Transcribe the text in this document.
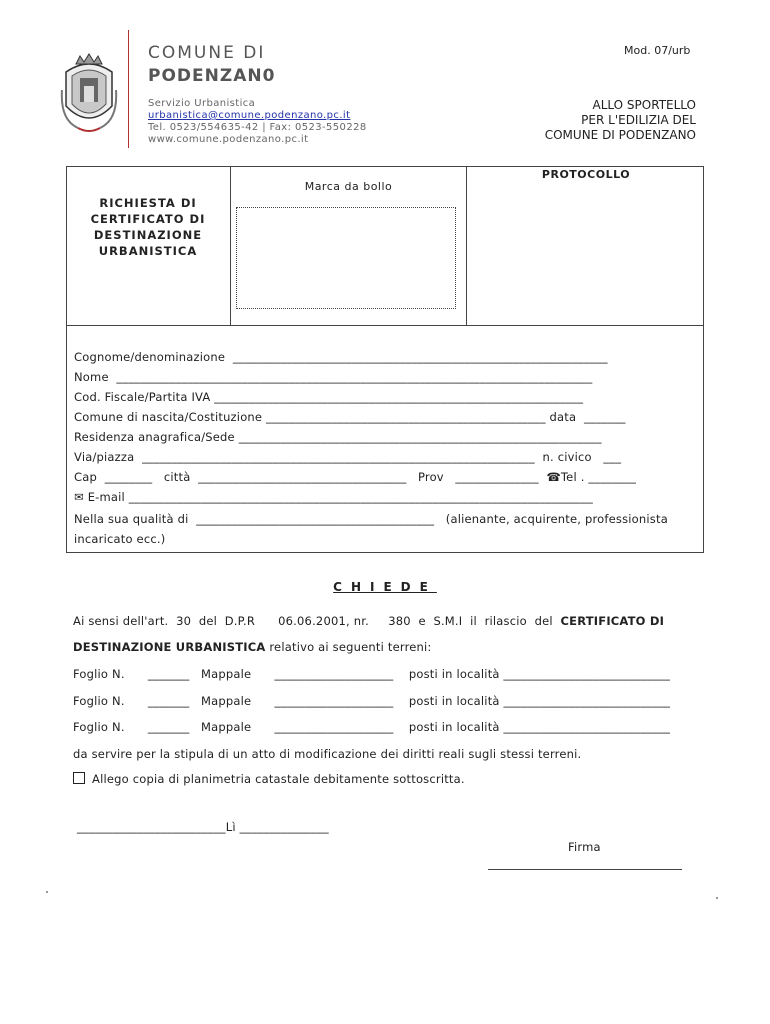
COMUNE DI
PODENZAN0
Servizio Urbanistica
urbanistica@comune.podenzano.pc.it
Tel. 0523/554635-42 | Fax: 0523-550228
www.comune.podenzano.pc.it
Mod. 07/urb
ALLO SPORTELLO
PER L'EDILIZIA DEL
COMUNE DI PODENZANO
RICHIESTA DI
CERTIFICATO DI
DESTINAZIONE
URBANISTICA
Marca da bollo
PROTOCOLLO
Cognome/denominazione  _______________________________________________________________
Nome  ________________________________________________________________________________
Cod. Fiscale/Partita IVA ______________________________________________________________
Comune di nascita/Costituzione _______________________________________________ data  _______
Residenza anagrafica/Sede _____________________________________________________________
Via/piazza  __________________________________________________________________  n. civico   ___
Cap  ________   città  ___________________________________   Prov   ______________  ☎Tel . ________
✉ E-mail ______________________________________________________________________________
Nella sua qualità di  ________________________________________   (alienante, acquirente, professionista
incaricato ecc.)
CHIEDE
Ai sensi dell'art.  30  del  D.P.R      06.06.2001, nr.     380  e  S.M.I  il  rilascio  del  CERTIFICATO DI
DESTINAZIONE URBANISTICA relativo ai seguenti terreni:
Foglio N.      _______   Mappale      ____________________    posti in località ____________________________
Foglio N.      _______   Mappale      ____________________    posti in località ____________________________
Foglio N.      _______   Mappale      ____________________    posti in località ____________________________
da servire per la stipula di un atto di modificazione dei diritti reali sugli stessi terreni.
Allego copia di planimetria catastale debitamente sottoscritta.
_________________________Lì _______________
Firma
